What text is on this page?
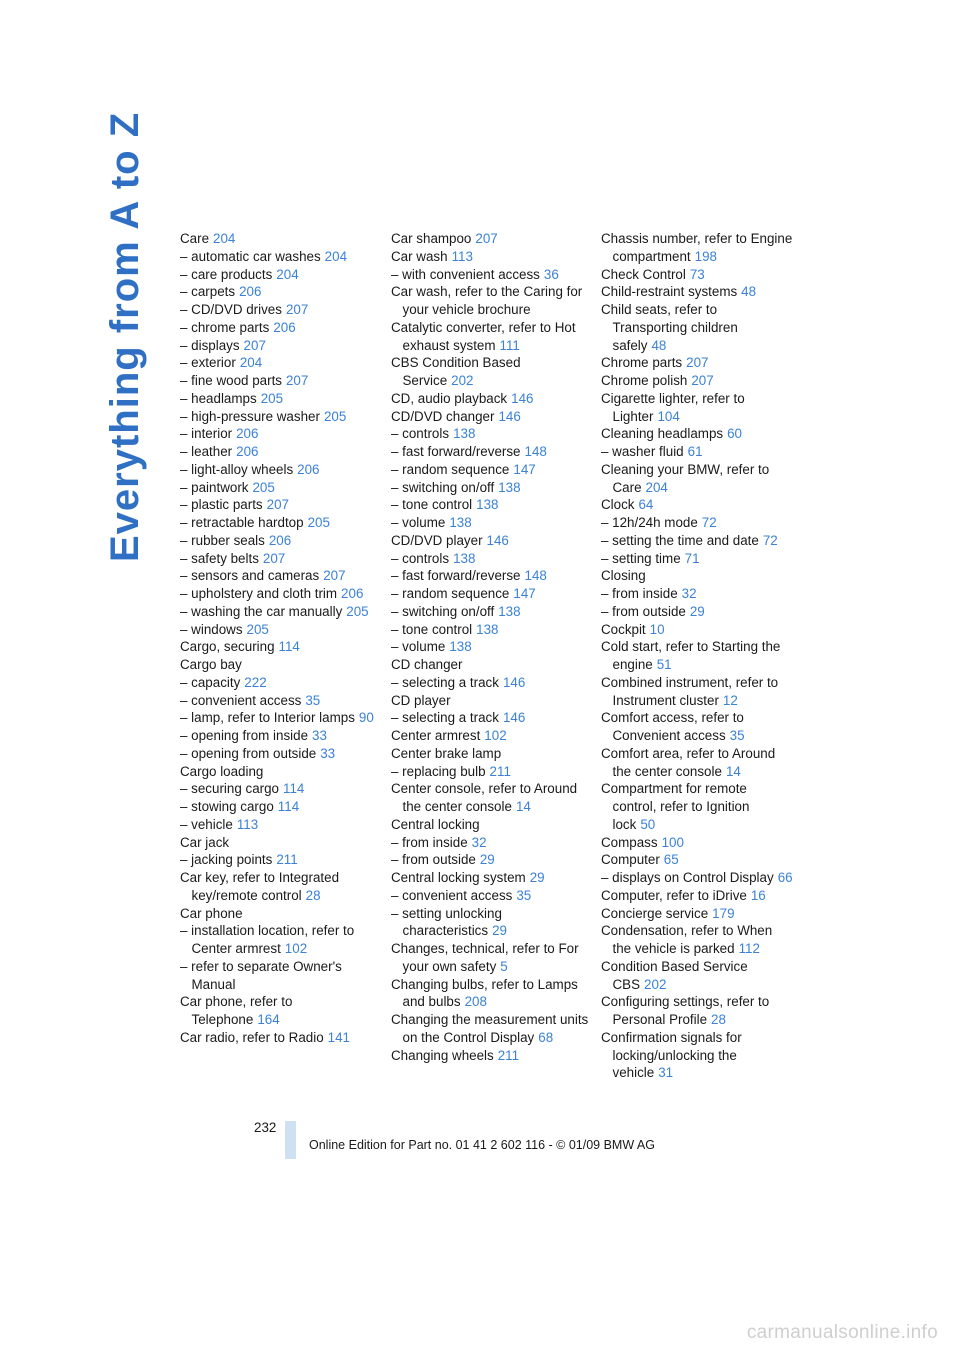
Everything from A to Z Care 204
– automatic car washes 204
– care products 204
– carpets 206
– CD/DVD drives 207
– chrome parts 206
– displays 207
– exterior 204
– fine wood parts 207
– headlamps 205
– high-pressure washer 205
– interior 206
– leather 206
– light-alloy wheels 206
– paintwork 205
– plastic parts 207
– retractable hardtop 205
– rubber seals 206
– safety belts 207
– sensors and cameras 207
– upholstery and cloth trim 206
– washing the car manually 205
– windows 205
Cargo, securing 114
Cargo bay
– capacity 222
– convenient access 35
– lamp, refer to Interior lamps 90
– opening from inside 33
– opening from outside 33
Cargo loading
– securing cargo 114
– stowing cargo 114
– vehicle 113
Car jack
– jacking points 211
Car key, refer to Integrated key/remote control 28
Car phone
– installation location, refer to Center armrest 102
– refer to separate Owner's Manual
Car phone, refer to Telephone 164
Car radio, refer to Radio 141
Car shampoo 207
Car wash 113
– with convenient access 36
Car wash, refer to the Caring for your vehicle brochure
Catalytic converter, refer to Hot exhaust system 111
CBS Condition Based Service 202
CD, audio playback 146
CD/DVD changer 146
– controls 138
– fast forward/reverse 148
– random sequence 147
– switching on/off 138
– tone control 138
– volume 138
CD/DVD player 146
– controls 138
– fast forward/reverse 148
– random sequence 147
– switching on/off 138
– tone control 138
– volume 138
CD changer
– selecting a track 146
CD player
– selecting a track 146
Center armrest 102
Center brake lamp
– replacing bulb 211
Center console, refer to Around the center console 14
Central locking
– from inside 32
– from outside 29
Central locking system 29
– convenient access 35
– setting unlocking characteristics 29
Changes, technical, refer to For your own safety 5
Changing bulbs, refer to Lamps and bulbs 208
Changing the measurement units on the Control Display 68
Changing wheels 211
Chassis number, refer to Engine compartment 198
Check Control 73
Child-restraint systems 48
Child seats, refer to Transporting children safely 48
Chrome parts 207
Chrome polish 207
Cigarette lighter, refer to Lighter 104
Cleaning headlamps 60
– washer fluid 61
Cleaning your BMW, refer to Care 204
Clock 64
– 12h/24h mode 72
– setting the time and date 72
– setting time 71
Closing
– from inside 32
– from outside 29
Cockpit 10
Cold start, refer to Starting the engine 51
Combined instrument, refer to Instrument cluster 12
Comfort access, refer to Convenient access 35
Comfort area, refer to Around the center console 14
Compartment for remote control, refer to Ignition lock 50
Compass 100
Computer 65
– displays on Control Display 66
Computer, refer to iDrive 16
Concierge service 179
Condensation, refer to When the vehicle is parked 112
Condition Based Service CBS 202
Configuring settings, refer to Personal Profile 28
Confirmation signals for locking/unlocking the vehicle 31
232
Online Edition for Part no. 01 41 2 602 116 - © 01/09 BMW AG
carmanualsonline.info
